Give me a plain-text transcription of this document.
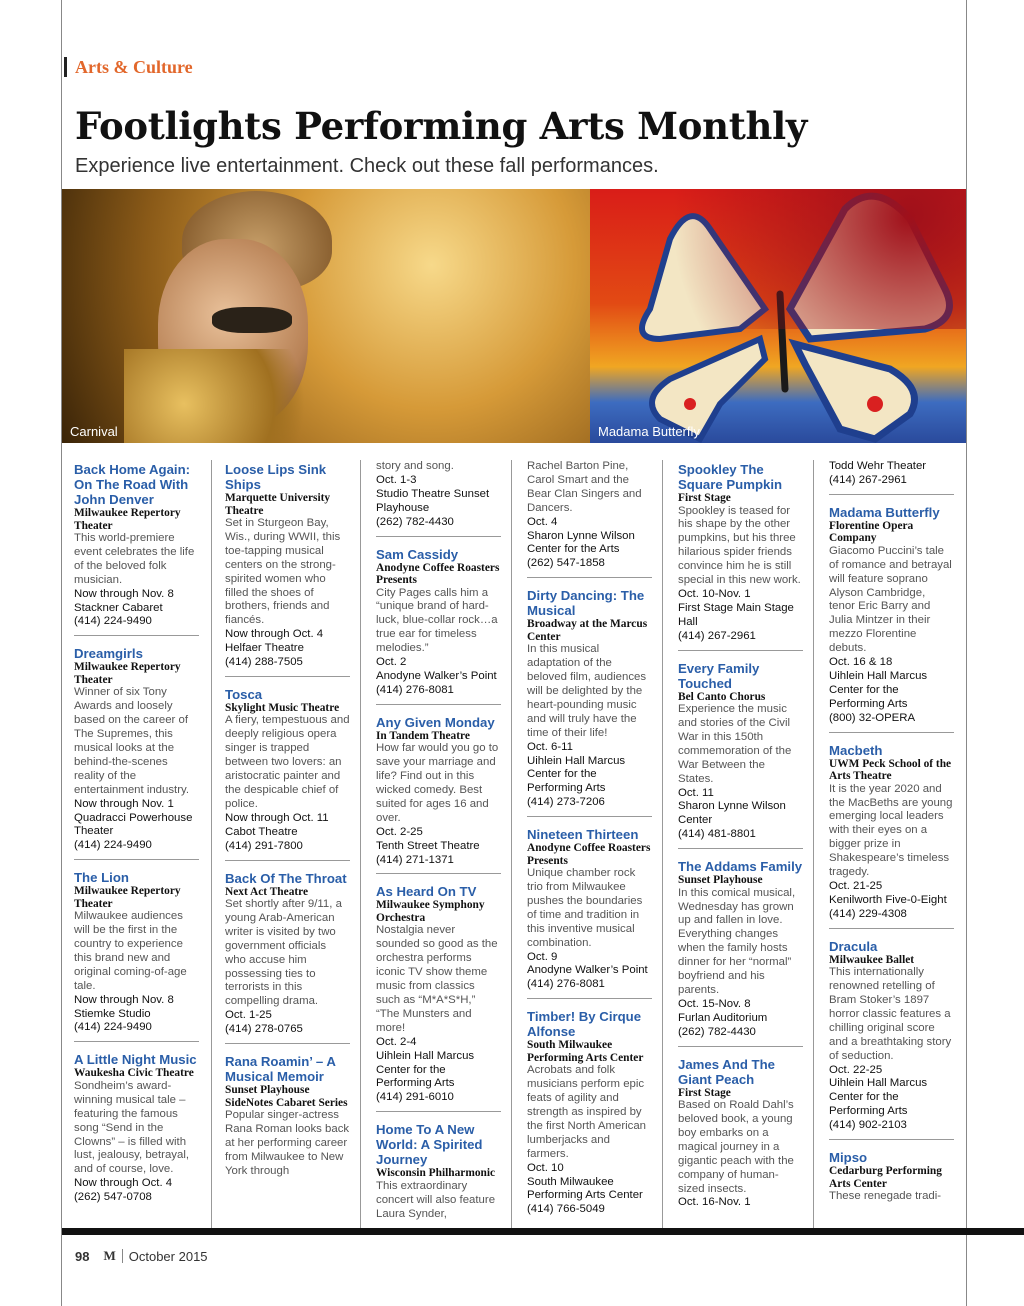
Arts & Culture
Footlights Performing Arts Monthly
Experience live entertainment. Check out these fall performances.
Carnival	Madama Butterfly
Back Home Again: On The Road With John Denver
Milwaukee Repertory Theater
This world-premiere event celebrates the life of the beloved folk musician.
Now through Nov. 8
Stackner Cabaret
(414) 224-9490
Dreamgirls
Milwaukee Repertory Theater
Winner of six Tony Awards and loosely based on the career of The Supremes, this musical looks at the behind-the-scenes reality of the entertainment industry.
Now through Nov. 1
Quadracci Powerhouse Theater
(414) 224-9490
The Lion
Milwaukee Repertory Theater
Milwaukee audiences will be the first in the country to experience this brand new and original coming-of-age tale.
Now through Nov. 8
Stiemke Studio
(414) 224-9490
A Little Night Music
Waukesha Civic Theatre
Sondheim’s award-winning musical tale – featuring the famous song “Send in the Clowns” – is filled with lust, jealousy, betrayal, and of course, love.
Now through Oct. 4
(262) 547-0708
Loose Lips Sink Ships
Marquette University Theatre
Set in Sturgeon Bay, Wis., during WWII, this toe-tapping musical centers on the strong-spirited women who filled the shoes of brothers, friends and fiancés.
Now through Oct. 4
Helfaer Theatre
(414) 288-7505
Tosca
Skylight Music Theatre
A fiery, tempestuous and deeply religious opera singer is trapped between two lovers: an aristocratic painter and the despicable chief of police.
Now through Oct. 11
Cabot Theatre
(414) 291-7800
Back Of The Throat
Next Act Theatre
Set shortly after 9/11, a young Arab-American writer is visited by two government officials who accuse him possessing ties to terrorists in this compelling drama.
Oct. 1-25
(414) 278-0765
Rana Roamin’ – A Musical Memoir
Sunset Playhouse SideNotes Cabaret Series
Popular singer-actress Rana Roman looks back at her performing career from Milwaukee to New York through
story and song.
Oct. 1-3
Studio Theatre Sunset Playhouse
(262) 782-4430
Sam Cassidy
Anodyne Coffee Roasters Presents
City Pages calls him a “unique brand of hard-luck, blue-collar rock…a true ear for timeless melodies.”
Oct. 2
Anodyne Walker’s Point
(414) 276-8081
Any Given Monday
In Tandem Theatre
How far would you go to save your marriage and life? Find out in this wicked comedy. Best suited for ages 16 and over.
Oct. 2-25
Tenth Street Theatre
(414) 271-1371
As Heard On TV
Milwaukee Symphony Orchestra
Nostalgia never sounded so good as the orchestra performs iconic TV show theme music from classics such as “M*A*S*H,” “The Munsters and more!
Oct. 2-4
Uihlein Hall Marcus Center for the Performing Arts
(414) 291-6010
Home To A New World: A Spirited Journey
Wisconsin Philharmonic
This extraordinary concert will also feature Laura Synder,
Rachel Barton Pine, Carol Smart and the Bear Clan Singers and Dancers.
Oct. 4
Sharon Lynne Wilson Center for the Arts
(262) 547-1858
Dirty Dancing: The Musical
Broadway at the Marcus Center
In this musical adaptation of the beloved film, audiences will be delighted by the heart-pounding music and will truly have the time of their life!
Oct. 6-11
Uihlein Hall Marcus Center for the Performing Arts
(414) 273-7206
Nineteen Thirteen
Anodyne Coffee Roasters Presents
Unique chamber rock trio from Milwaukee pushes the boundaries of time and tradition in this inventive musical combination.
Oct. 9
Anodyne Walker’s Point
(414) 276-8081
Timber! By Cirque Alfonse
South Milwaukee Performing Arts Center
Acrobats and folk musicians perform epic feats of agility and strength as inspired by the first North American lumberjacks and farmers.
Oct. 10
South Milwaukee Performing Arts Center
(414) 766-5049
Spookley The Square Pumpkin
First Stage
Spookley is teased for his shape by the other pumpkins, but his three hilarious spider friends convince him he is still special in this new work.
Oct. 10-Nov. 1
First Stage Main Stage Hall
(414) 267-2961
Every Family Touched
Bel Canto Chorus
Experience the music and stories of the Civil War in this 150th commemoration of the War Between the States.
Oct. 11
Sharon Lynne Wilson Center
(414) 481-8801
The Addams Family
Sunset Playhouse
In this comical musical, Wednesday has grown up and fallen in love. Everything changes when the family hosts dinner for her “normal” boyfriend and his parents.
Oct. 15-Nov. 8
Furlan Auditorium
(262) 782-4430
James And The Giant Peach
First Stage
Based on Roald Dahl’s beloved book, a young boy embarks on a magical journey in a gigantic peach with the company of human-sized insects.
Oct. 16-Nov. 1
Todd Wehr Theater
(414) 267-2961
Madama Butterfly
Florentine Opera Company
Giacomo Puccini’s tale of romance and betrayal will feature soprano Alyson Cambridge, tenor Eric Barry and Julia Mintzer in their mezzo Florentine debuts.
Oct. 16 & 18
Uihlein Hall Marcus Center for the Performing Arts
(800) 32-OPERA
Macbeth
UWM Peck School of the Arts Theatre
It is the year 2020 and the MacBeths are young emerging local leaders with their eyes on a bigger prize in Shakespeare’s timeless tragedy.
Oct. 21-25
Kenilworth Five-0-Eight
(414) 229-4308
Dracula
Milwaukee Ballet
This internationally renowned retelling of Bram Stoker’s 1897 horror classic features a chilling original score and a breathtaking story of seduction.
Oct. 22-25
Uihlein Hall Marcus Center for the Performing Arts
(414) 902-2103
Mipso
Cedarburg Performing Arts Center
These renegade tradi-
98 M October 2015
